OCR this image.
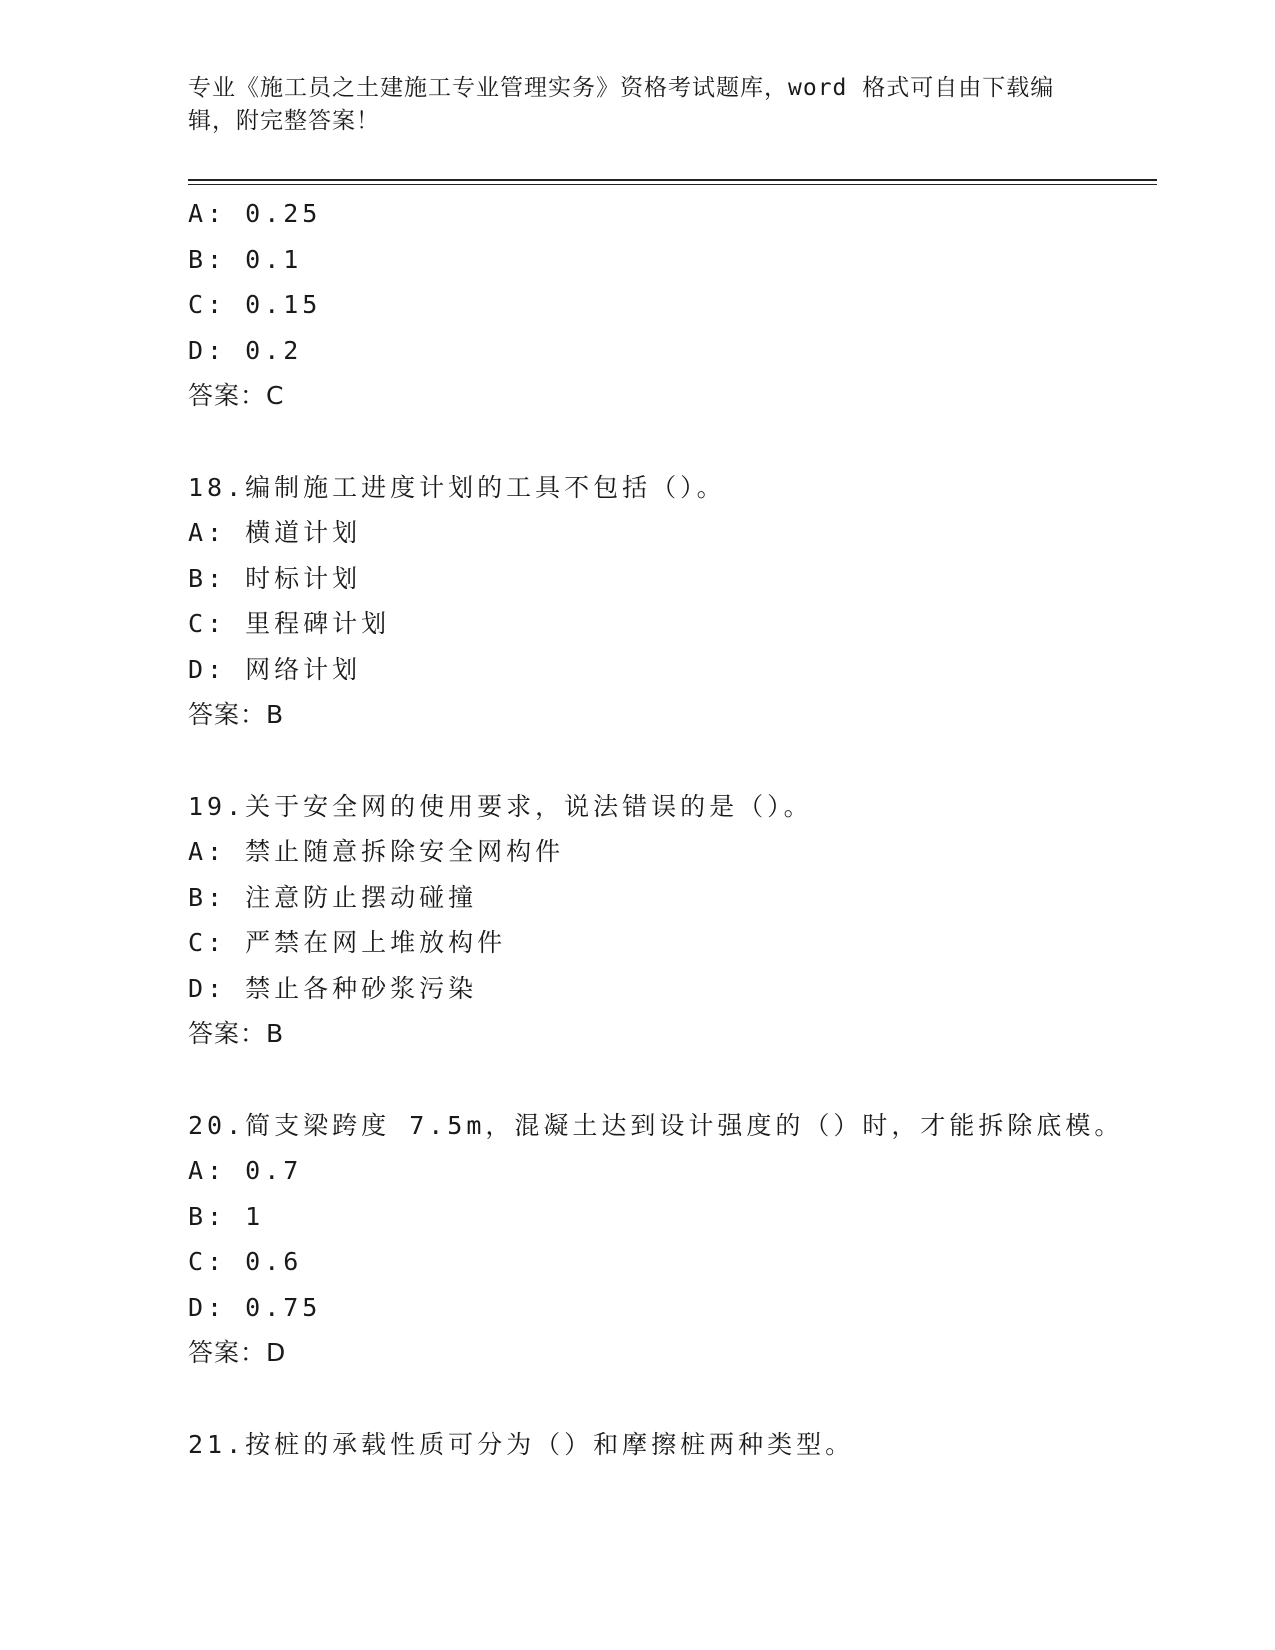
专业《施工员之土建施工专业管理实务》资格考试题库，word 格式可自由下载编
辑，附完整答案！
A: 0.25
B: 0.1
C: 0.15
D: 0.2
答案：C
18.编制施工进度计划的工具不包括（）。
A: 横道计划
B: 时标计划
C: 里程碑计划
D: 网络计划
答案：B
19.关于安全网的使用要求，说法错误的是（）。
A: 禁止随意拆除安全网构件
B: 注意防止摆动碰撞
C: 严禁在网上堆放构件
D: 禁止各种砂浆污染
答案：B
20.简支梁跨度 7.5m，混凝土达到设计强度的（）时，才能拆除底模。
A: 0.7
B: 1
C: 0.6
D: 0.75
答案：D
21.按桩的承载性质可分为（）和摩擦桩两种类型。
